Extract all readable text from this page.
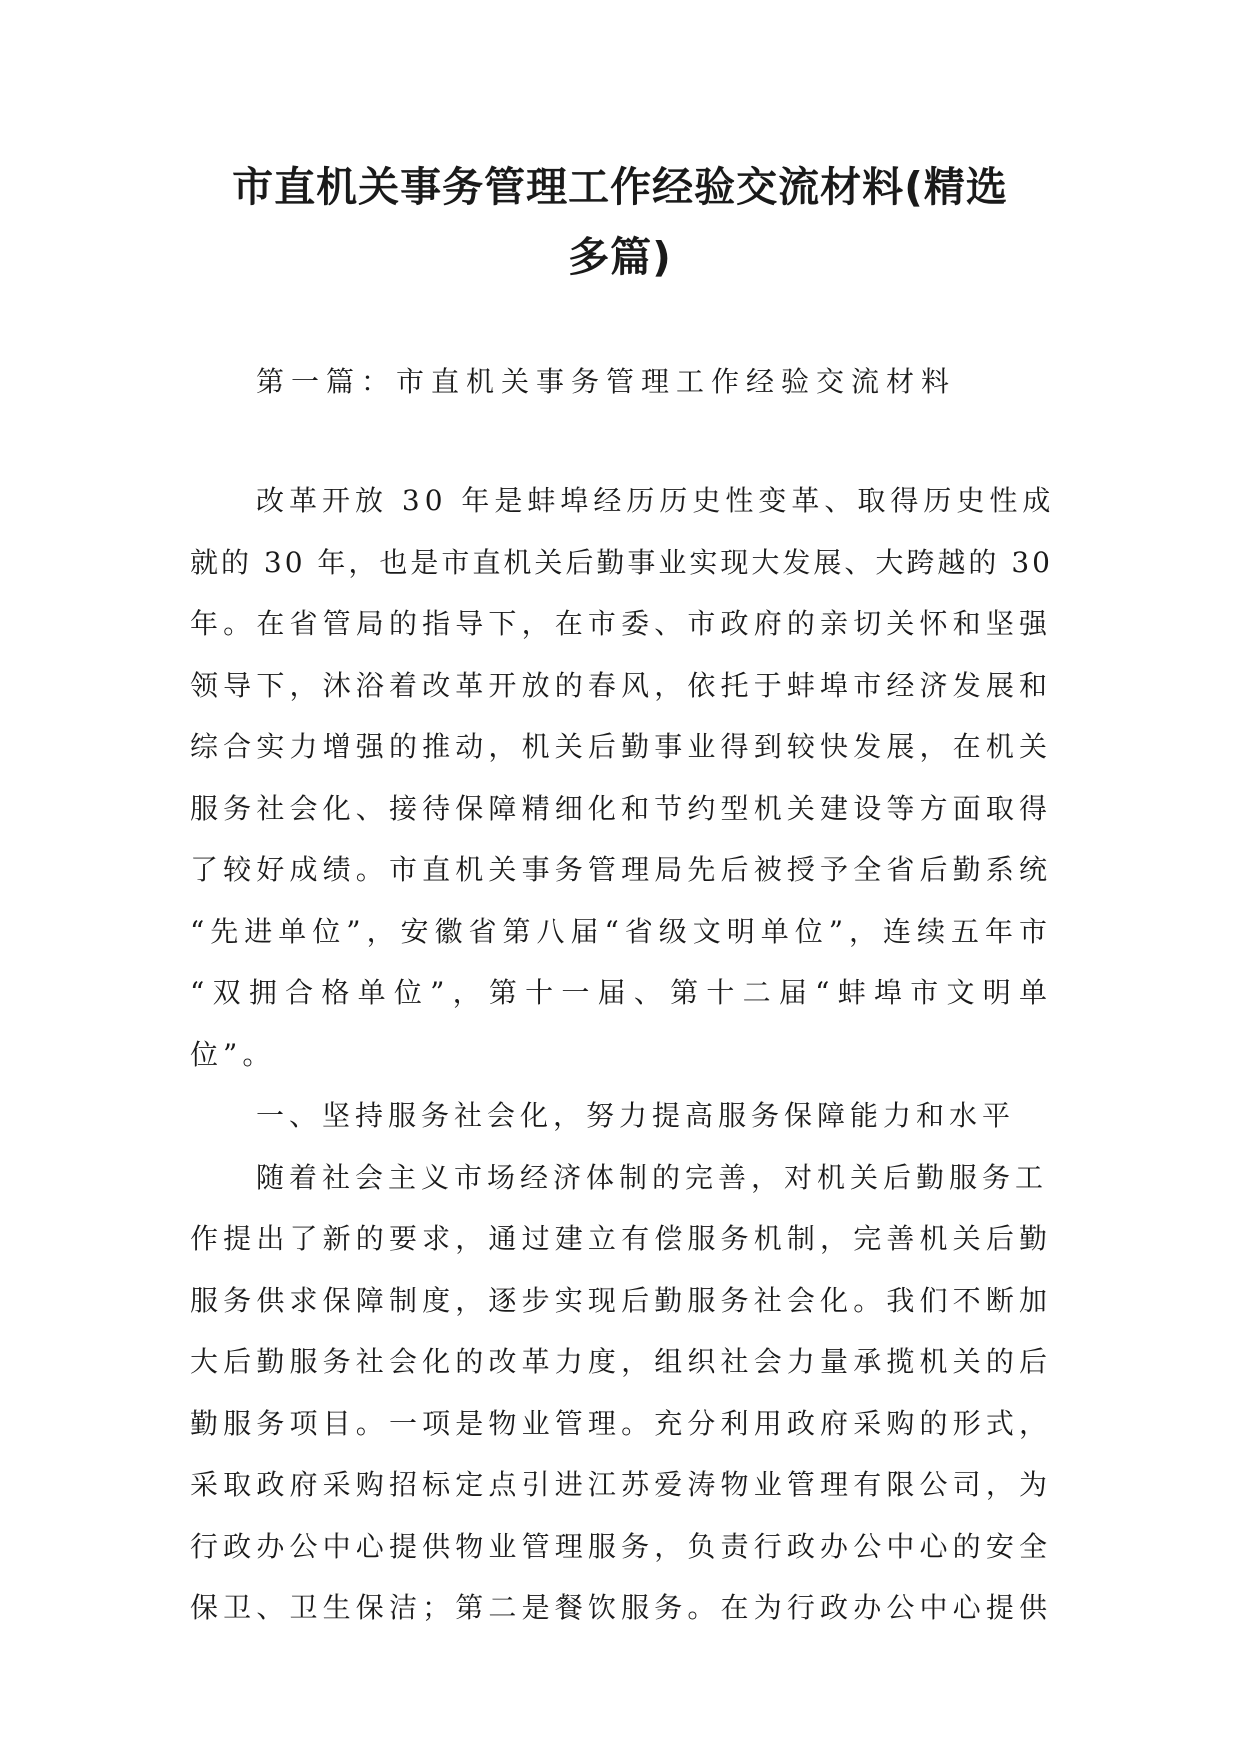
市直机关事务管理工作经验交流材料(精选
多篇)

第一篇：市直机关事务管理工作经验交流材料

改革开放 30 年是蚌埠经历历史性变革、取得历史性成
就的 30 年，也是市直机关后勤事业实现大发展、大跨越的 30
年。在省管局的指导下，在市委、市政府的亲切关怀和坚强
领导下，沐浴着改革开放的春风，依托于蚌埠市经济发展和
综合实力增强的推动，机关后勤事业得到较快发展，在机关
服务社会化、接待保障精细化和节约型机关建设等方面取得
了较好成绩。市直机关事务管理局先后被授予全省后勤系统
“先进单位”，安徽省第八届“省级文明单位”，连续五年市
“双拥合格单位”，第十一届、第十二届“蚌埠市文明单
位”。
一、坚持服务社会化，努力提高服务保障能力和水平
随着社会主义市场经济体制的完善，对机关后勤服务工
作提出了新的要求，通过建立有偿服务机制，完善机关后勤
服务供求保障制度，逐步实现后勤服务社会化。我们不断加
大后勤服务社会化的改革力度，组织社会力量承揽机关的后
勤服务项目。一项是物业管理。充分利用政府采购的形式，
采取政府采购招标定点引进江苏爱涛物业管理有限公司，为
行政办公中心提供物业管理服务，负责行政办公中心的安全
保卫、卫生保洁；第二是餐饮服务。在为行政办公中心提供
